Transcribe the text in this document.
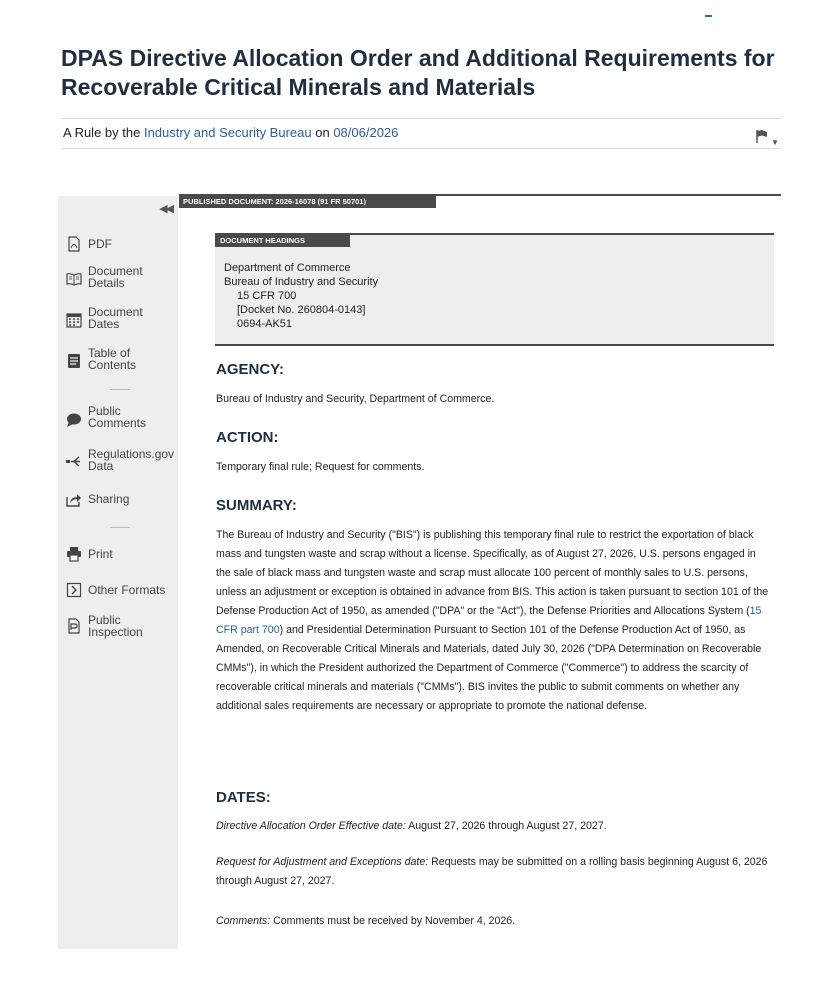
DPAS Directive Allocation Order and Additional Requirements for Recoverable Critical Minerals and Materials
A Rule by the Industry and Security Bureau on 08/06/2026
▼
◀◀
PDF
Document Details
Document Dates
Table of Contents
Public Comments
Regulations.gov Data
Sharing
Print
Other Formats
Public Inspection
PUBLISHED DOCUMENT: 2026-16078 (91 FR 50701)
DOCUMENT HEADINGS
Department of Commerce
Bureau of Industry and Security
15 CFR 700
[Docket No. 260804-0143]
0694-AK51
AGENCY:

Bureau of Industry and Security, Department of Commerce.

ACTION:

Temporary final rule; Request for comments.

SUMMARY:

The Bureau of Industry and Security ("BIS") is publishing this temporary final rule to restrict the exportation of black mass and tungsten waste and scrap without a license. Specifically, as of August 27, 2026, U.S. persons engaged in the sale of black mass and tungsten waste and scrap must allocate 100 percent of monthly sales to U.S. persons, unless an adjustment or exception is obtained in advance from BIS. This action is taken pursuant to section 101 of the Defense Production Act of 1950, as amended ("DPA" or the "Act"), the Defense Priorities and Allocations System (15 CFR part 700) and Presidential Determination Pursuant to Section 101 of the Defense Production Act of 1950, as Amended, on Recoverable Critical Minerals and Materials, dated July 30, 2026 ("DPA Determination on Recoverable CMMs"), in which the President authorized the Department of Commerce ("Commerce") to address the scarcity of recoverable critical minerals and materials ("CMMs"). BIS invites the public to submit comments on whether any additional sales requirements are necessary or appropriate to promote the national defense.

DATES:

Directive Allocation Order Effective date: August 27, 2026 through August 27, 2027.

Request for Adjustment and Exceptions date: Requests may be submitted on a rolling basis beginning August 6, 2026 through August 27, 2027.

Comments: Comments must be received by November 4, 2026.
